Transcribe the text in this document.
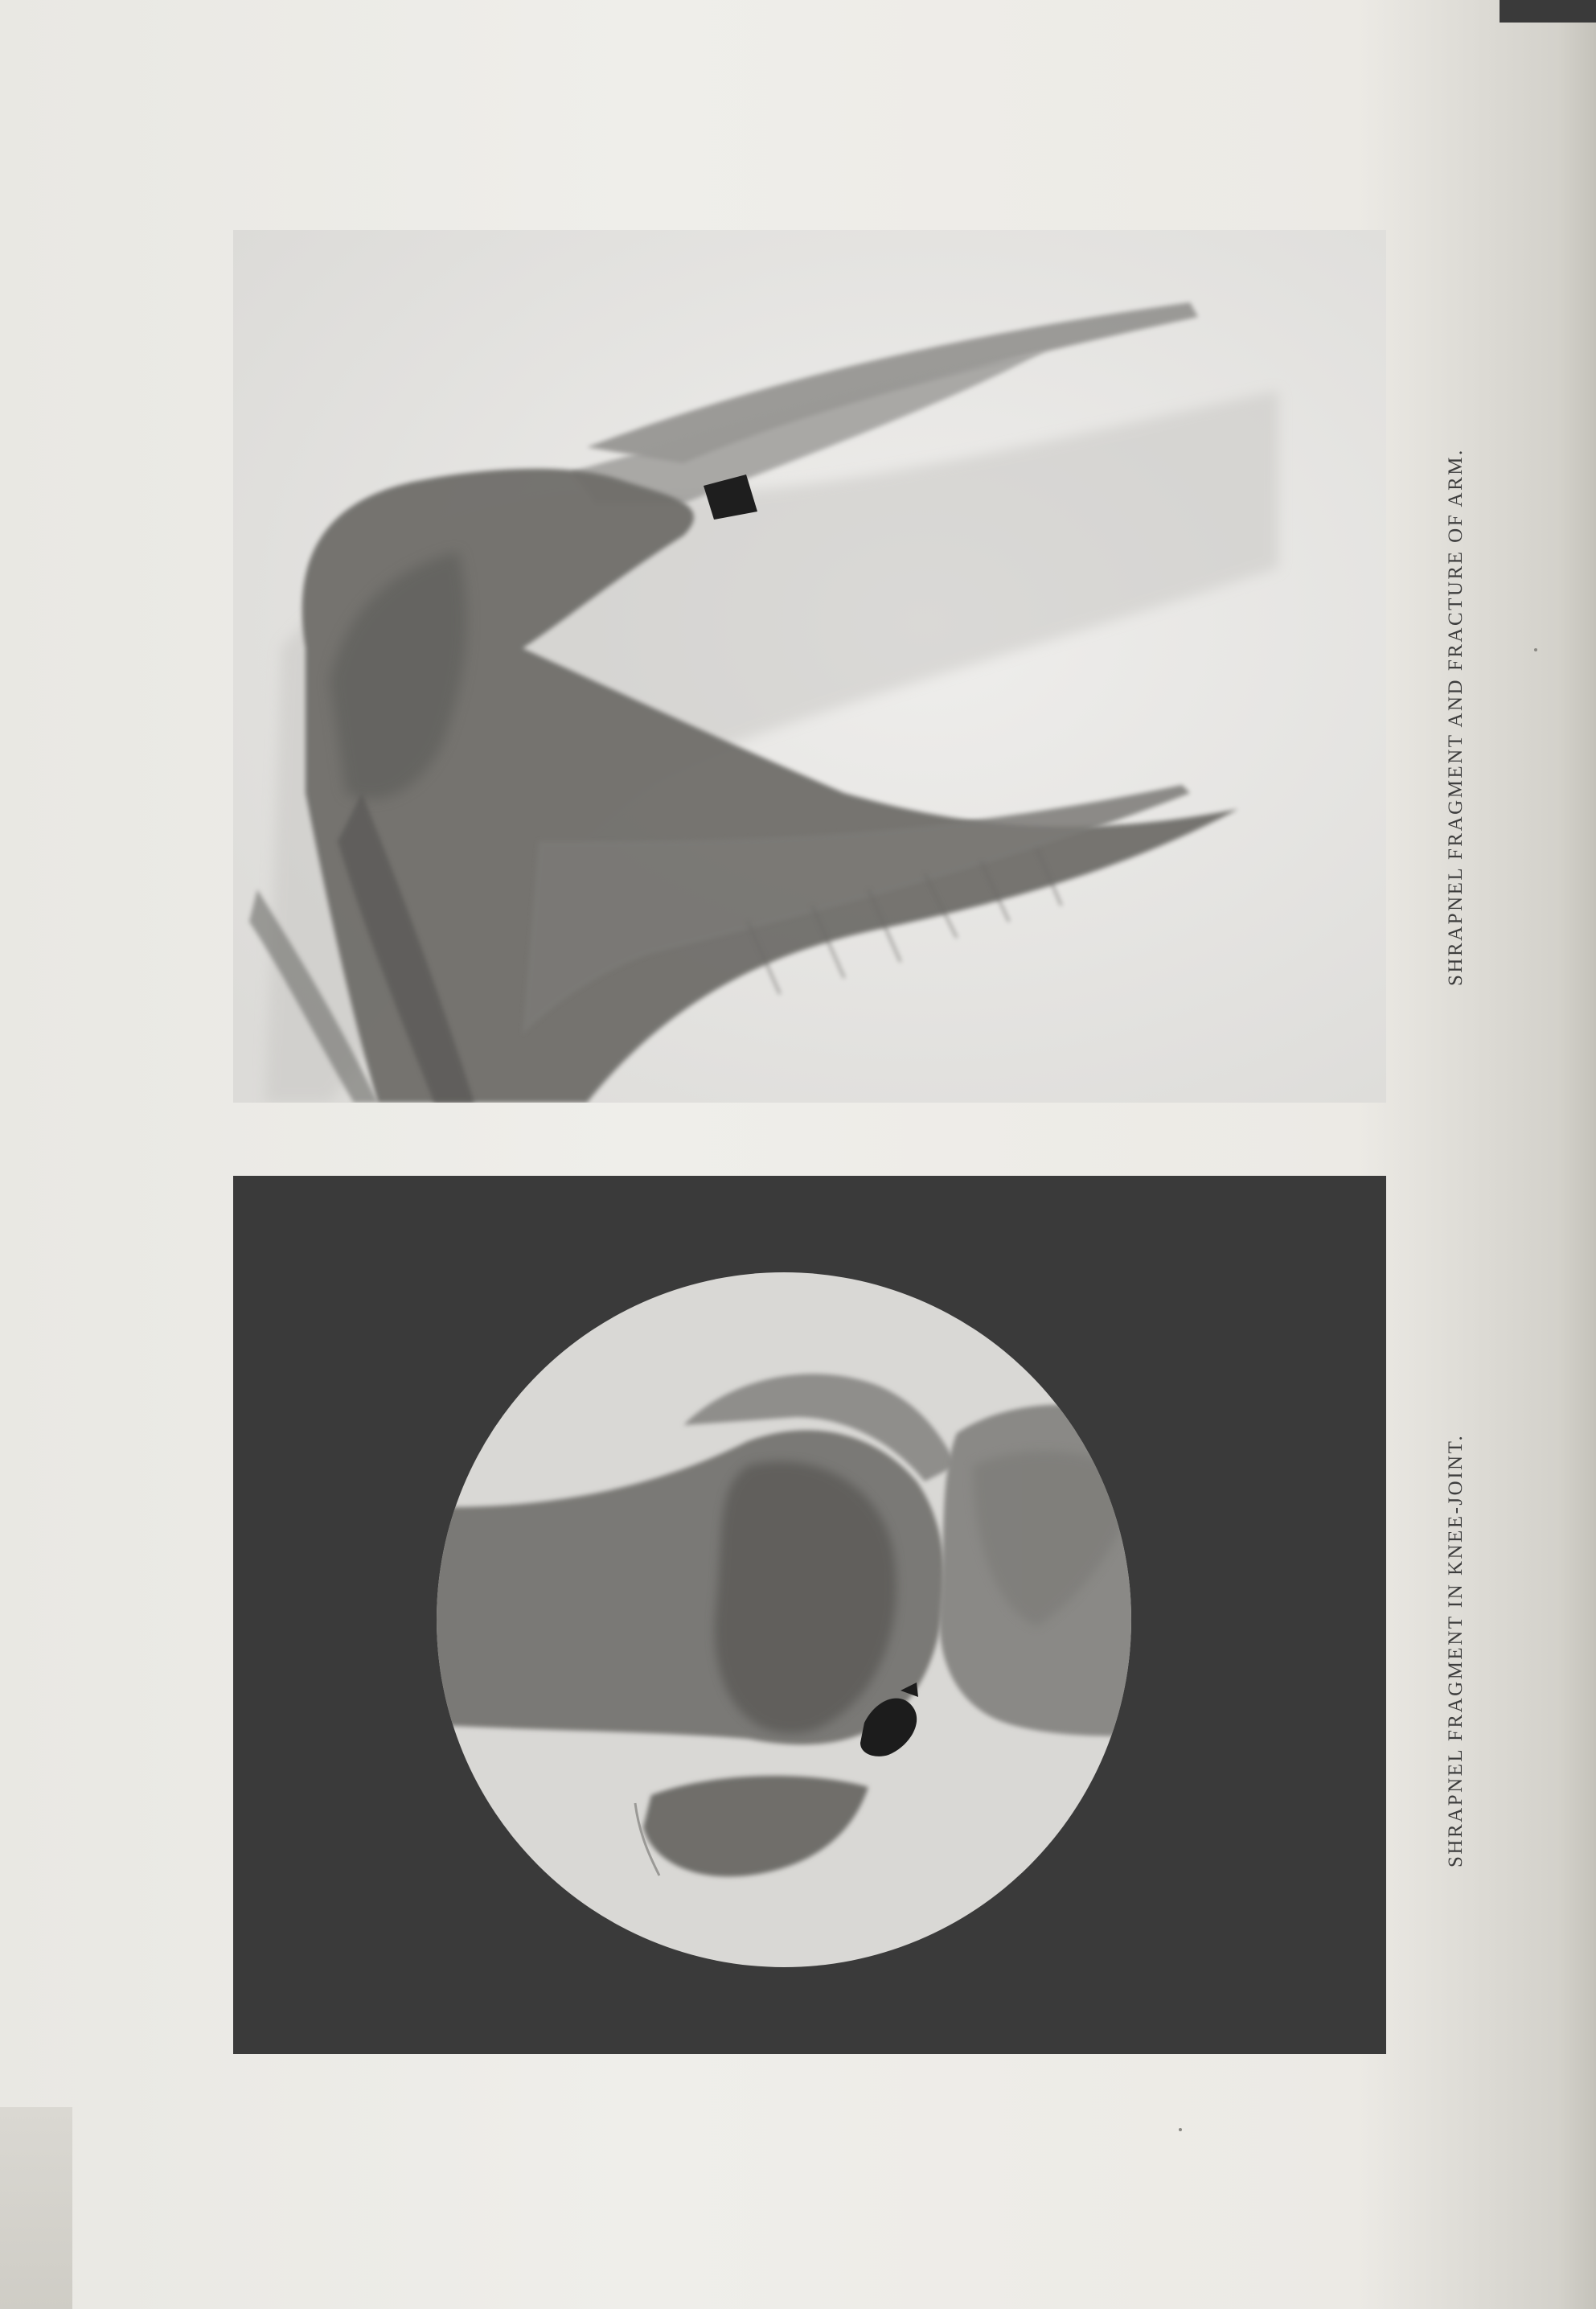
SHRAPNEL FRAGMENT AND FRACTURE OF ARM.
SHRAPNEL FRAGMENT IN KNEE-JOINT.
